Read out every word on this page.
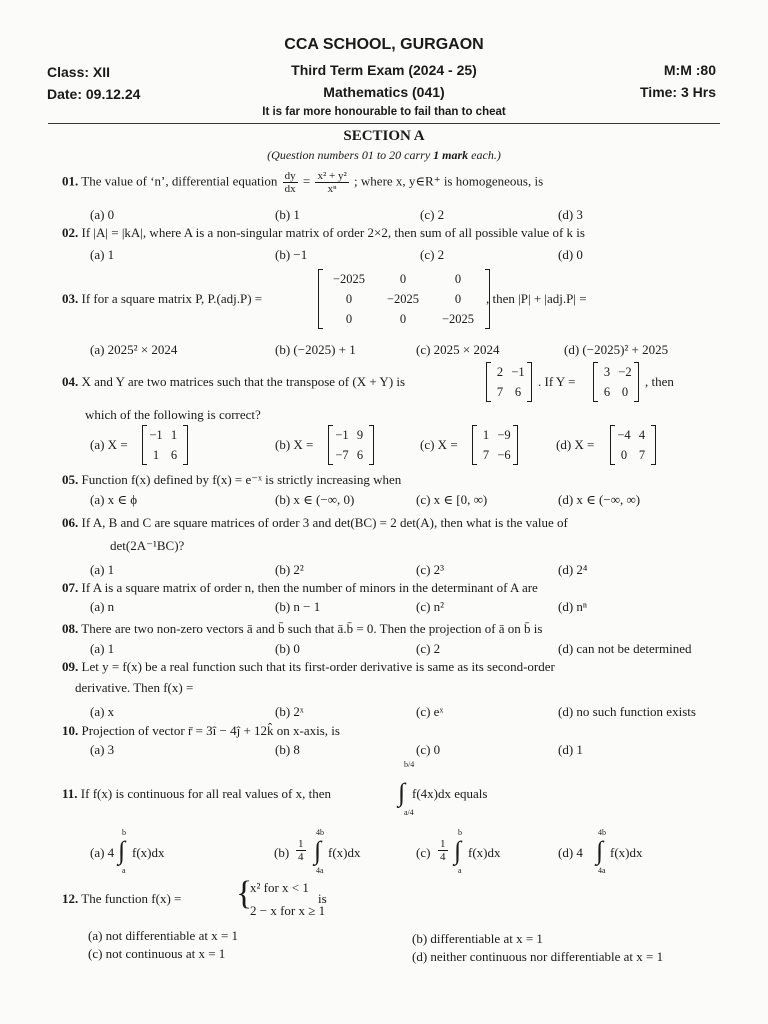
CCA SCHOOL, GURGAON
Third Term Exam (2024 - 25)
Mathematics (041)
It is far more honourable to fail than to cheat
Class: XII
Date: 09.12.24
M:M :80
Time: 3 Hrs
SECTION A
(Question numbers 01 to 20 carry 1 mark each.)
01. The value of ‘n’, differential equation $\frac{dy}{dx} = \frac{\text{x² + y²}}{\text{xⁿ}}$ ; where x, y∈R⁺ is homogeneous, is
(a) 0	(b) 1	(c) 2	(d) 3
02. If |A| = |kA|, where A is a non-singular matrix of order 2×2, then sum of all possible value of k is
(a) 1	(b) −1	(c) 2	(d) 0
03. If for a square matrix P, P.(adj.P) =
−2025	0	0
0	−2025	0
0	0	−2025
, then |P| + |adj.P| =
(a) 2025² × 2024	(b) (−2025) + 1	(c) 2025 × 2024	(d) (−2025)² + 2025
04. X and Y are two matrices such that the transpose of (X + Y) is
2 −1
7 6
. If Y =
3 −2
6 0
, then
which of the following is correct?
(a) X =
−1 1
1 6
(b) X =
−1 9
−7 6
(c) X =
1 −9
7 −6
(d) X =
−4 4
0 7
05. Function f(x) defined by f(x) = e⁻ˣ is strictly increasing when
(a) x ∈ ϕ	(b) x ∈ (−∞, 0)	(c) x ∈ [0, ∞)	(d) x ∈ (−∞, ∞)
06. If A, B and C are square matrices of order 3 and det(BC) = 2 det(A), then what is the value of
det(2A⁻¹BC)?
(a) 1	(b) 2²	(c) 2³	(d) 2⁴
07. If A is a square matrix of order n, then the number of minors in the determinant of A are
(a) n	(b) n − 1	(c) n²	(d) nⁿ
08. There are two non-zero vectors ā and b̄ such that ā.b̄ = 0. Then the projection of ā on b̄ is
(a) 1	(b) 0	(c) 2	(d) can not be determined
09. Let y = f(x) be a real function such that its first-order derivative is same as its second-order
derivative. Then f(x) =
(a) x	(b) 2ˣ	(c) eˣ	(d) no such function exists
10. Projection of vector r̄ = 3î − 4ĵ + 12k̂ on x-axis, is
(a) 3	(b) 8	(c) 0	(d) 1
11. If f(x) is continuous for all real values of x, then
b/4
∫
a/4
f(4x)dx equals
(a) 4
b
∫
a
f(x)dx	$(b) \frac{1}{4}$
4b
∫
4a
f(x)dx	$(c) \frac{1}{4}$
b
∫
a
f(x)dx	(d) 4
4b
∫
4a
f(x)dx
12. The function f(x) = {
x² for x < 1
2 − x for x ≥ 1
is
(a) not differentiable at x = 1	(b) differentiable at x = 1
(c) not continuous at x = 1	(d) neither continuous nor differentiable at x = 1
